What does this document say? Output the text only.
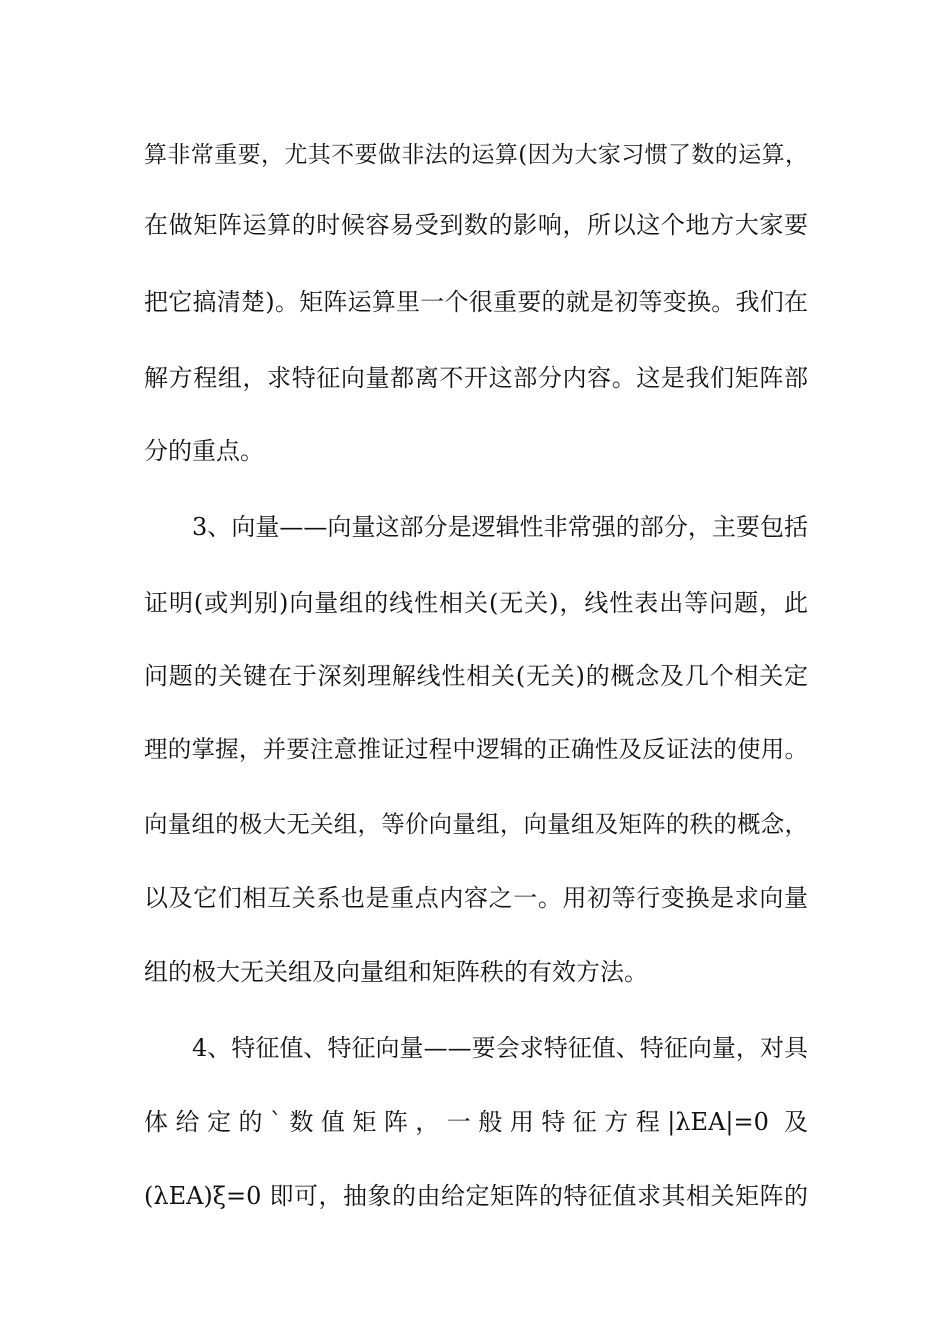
算非常重要，尤其不要做非法的运算(因为大家习惯了数的运算，
在做矩阵运算的时候容易受到数的影响，所以这个地方大家要
把它搞清楚)。矩阵运算里一个很重要的就是初等变换。我们在
解方程组，求特征向量都离不开这部分内容。这是我们矩阵部
分的重点。
3、向量——向量这部分是逻辑性非常强的部分，主要包括
证明(或判别)向量组的线性相关(无关)，线性表出等问题，此
问题的关键在于深刻理解线性相关(无关)的概念及几个相关定
理的掌握，并要注意推证过程中逻辑的正确性及反证法的使用。
向量组的极大无关组，等价向量组，向量组及矩阵的秩的概念，
以及它们相互关系也是重点内容之一。用初等行变换是求向量
组的极大无关组及向量组和矩阵秩的有效方法。
4、特征值、特征向量——要会求特征值、特征向量，对具
体给定的`数值矩阵，一般用特征方程|λEA|=0 及
(λEA)ξ=0 即可，抽象的由给定矩阵的特征值求其相关矩阵的
